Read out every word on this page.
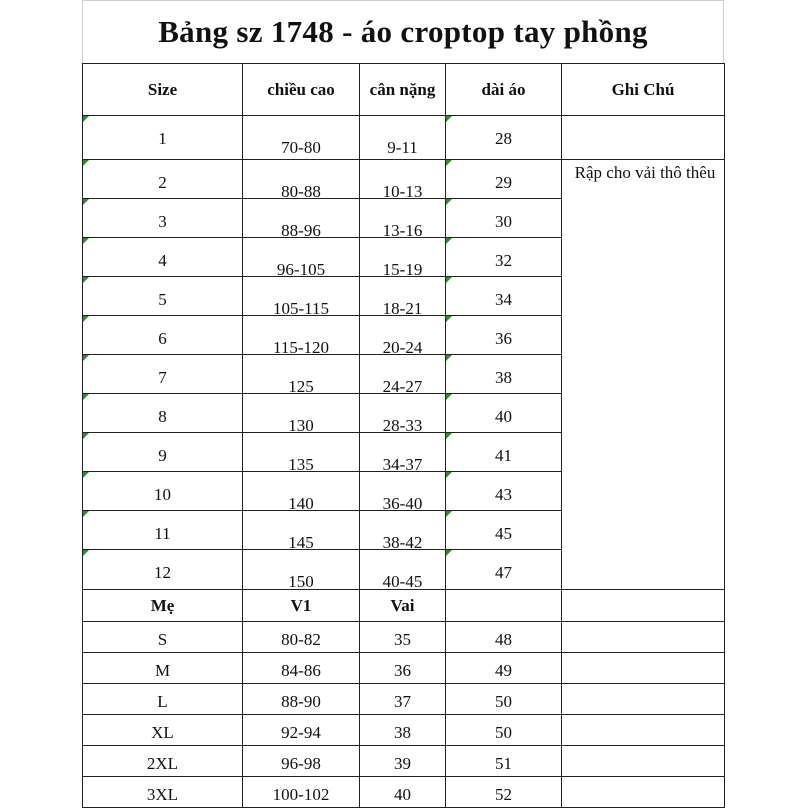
Bảng sz 1748 - áo croptop tay phồng
Size	chiều cao	cân nặng	dài áo	Ghi Chú

1	70-80	9-11	28	

2	80-88	10-13	29	Rập cho vải thô thêu

3	88-96	13-16	30	

4	96-105	15-19	32	

5	105-115	18-21	34	

6	115-120	20-24	36	

7	125	24-27	38	

8	130	28-33	40	

9	135	34-37	41	

10	140	36-40	43	

11	145	38-42	45	

12	150	40-45	47	

Mẹ	V1	Vai		

S	80-82	35	48	

M	84-86	36	49	

L	88-90	37	50	

XL	92-94	38	50	

2XL	96-98	39	51	

3XL	100-102	40	52	
